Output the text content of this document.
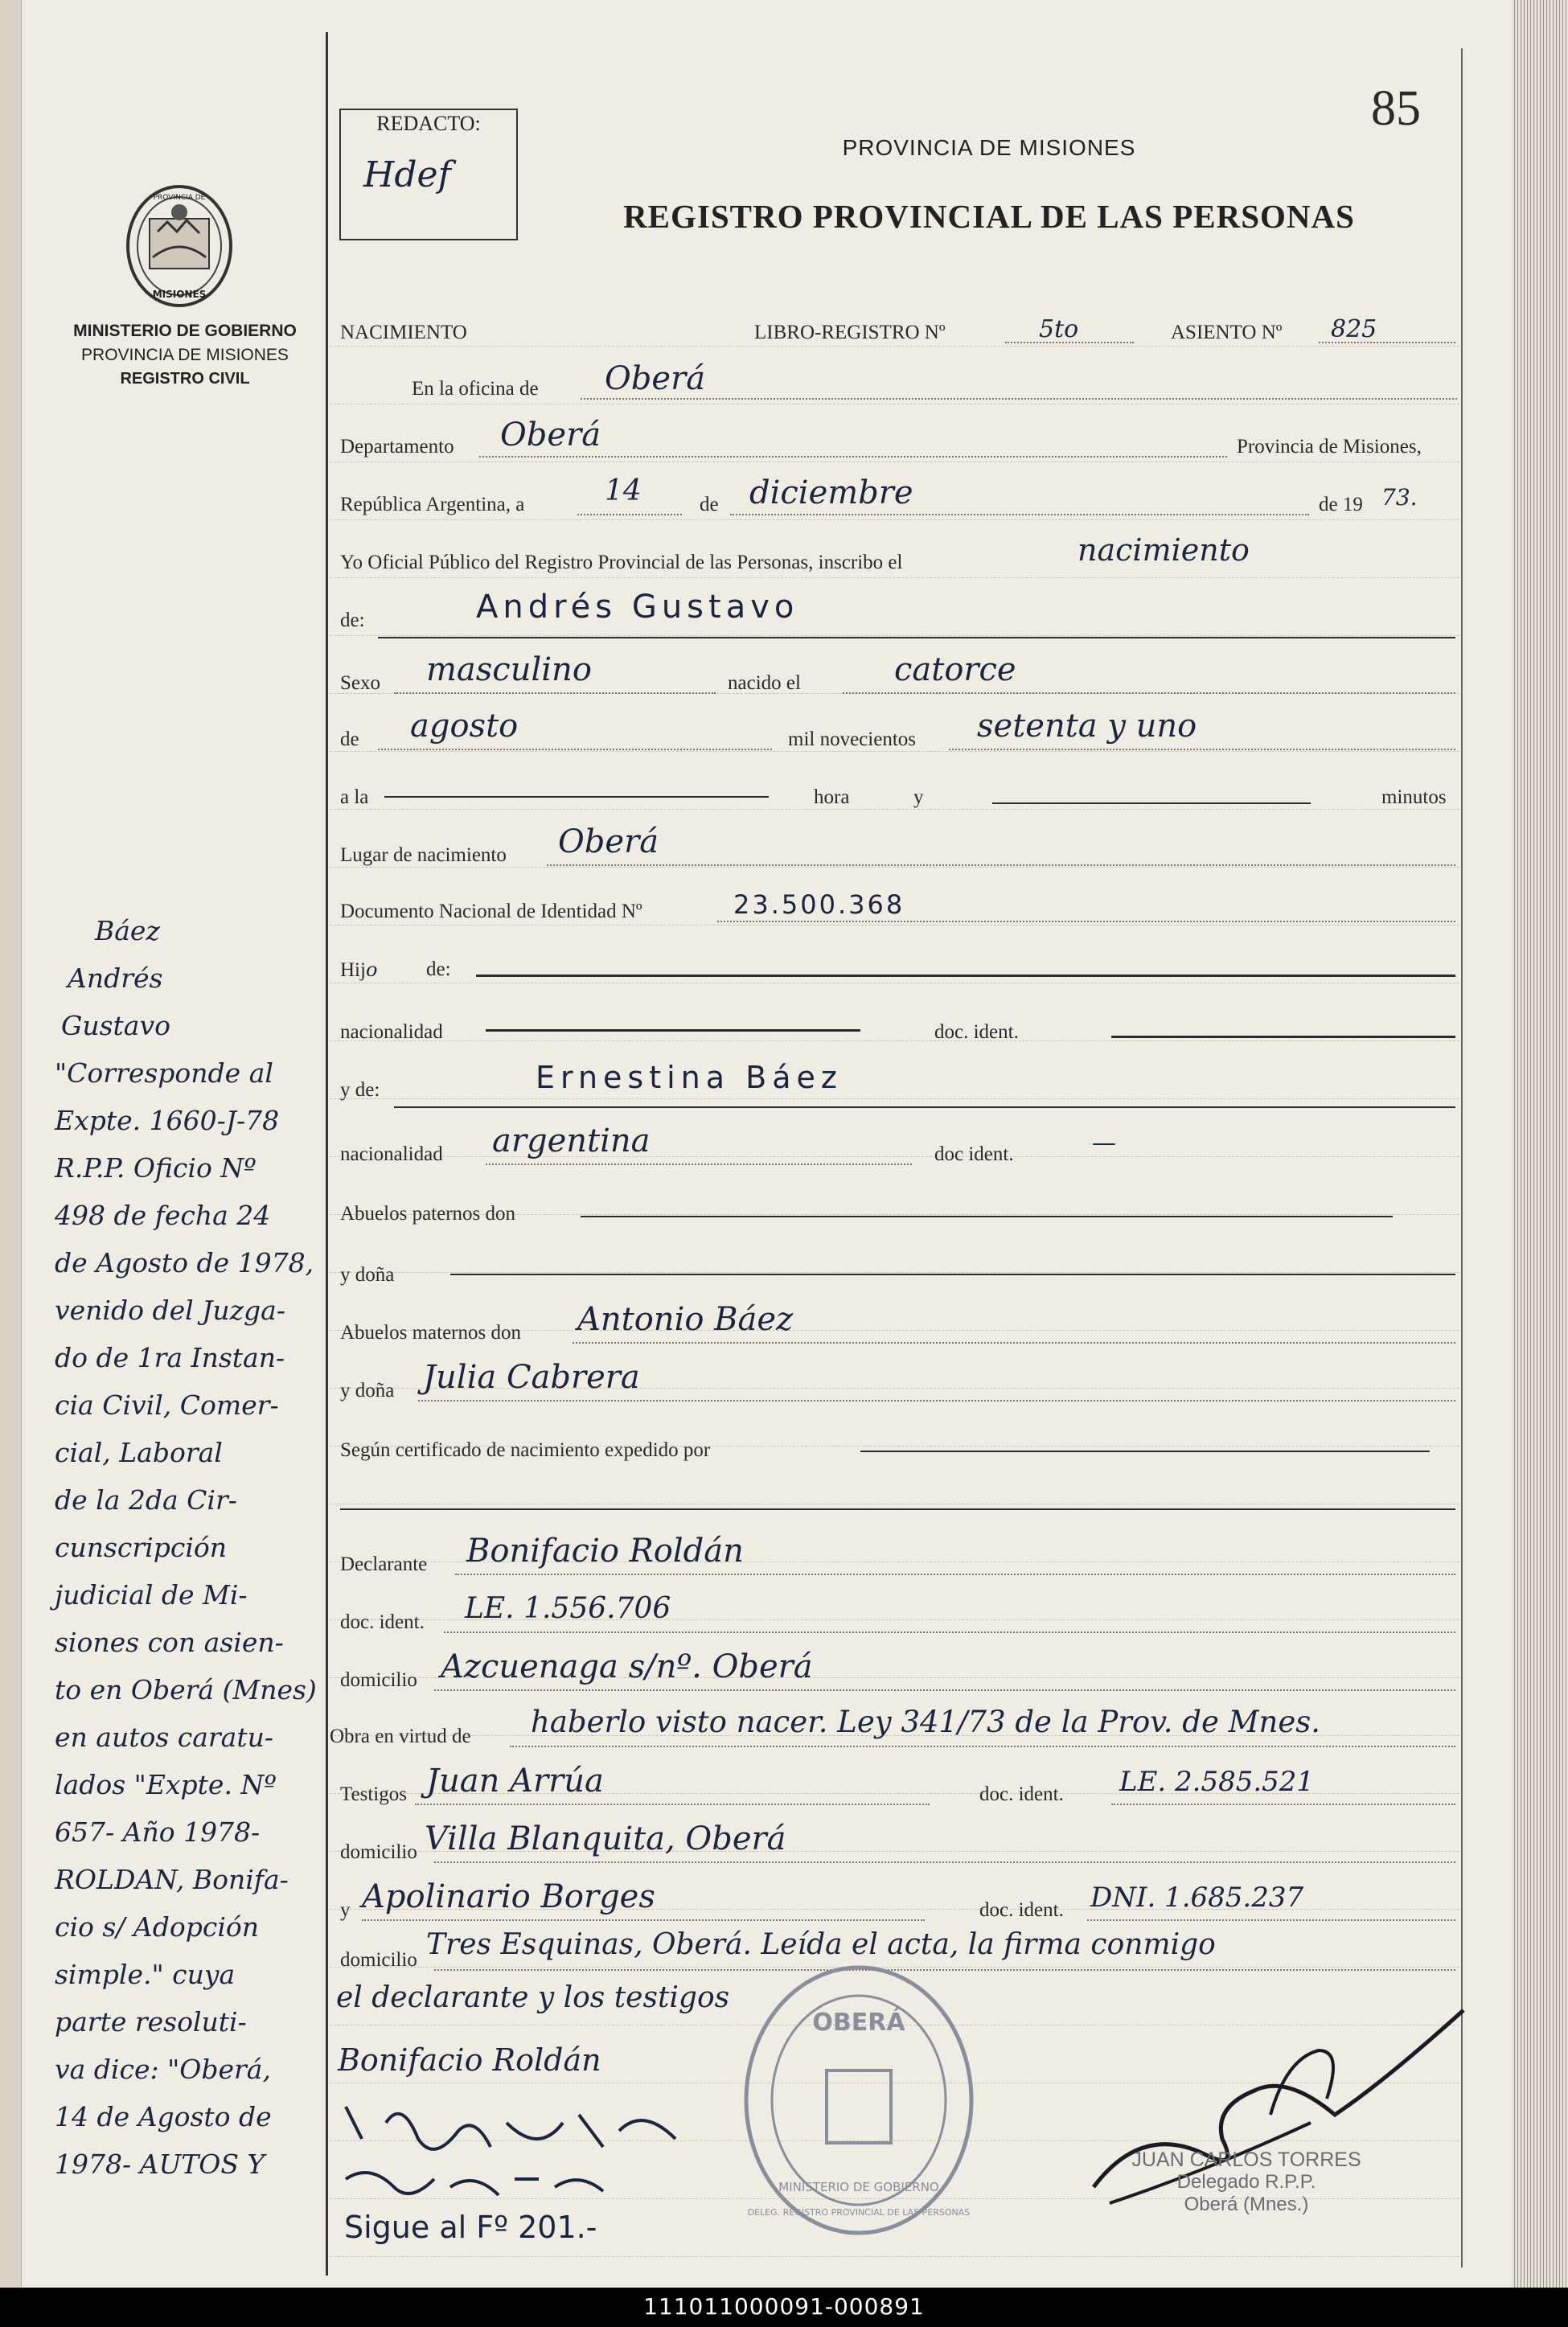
REDACTO:
Hdef
85
PROVINCIA DE MISIONES
REGISTRO PROVINCIAL DE LAS PERSONAS
PROVINCIA DE
MISIONES
MINISTERIO DE GOBIERNO
PROVINCIA DE MISIONES
REGISTRO CIVIL
NACIMIENTO	LIBRO-REGISTRO Nº	5to	ASIENTO Nº 825
En la oficina de Oberá
Departamento Oberá	Provincia de Misiones,
República Argentina, a	14	de diciembre	de 19 73.
Yo Oficial Público del Registro Provincial de las Personas, inscribo el	nacimiento
de:	Andrés Gustavo
Sexo masculino	nacido el	catorce
de agosto	mil novecientos setenta y uno
a la	hora	y	minutos
Lugar de nacimiento Oberá
Documento Nacional de Identidad Nº	23.500.368
Hijo de:
nacionalidad	doc. ident.
y de:	Ernestina Báez
nacionalidad argentina	doc ident.	—
Abuelos paternos don
y doña
Abuelos maternos don Antonio Báez
y doña Julia Cabrera
Según certificado de nacimiento expedido por
Declarante Bonifacio Roldán
doc. ident. LE. 1.556.706
domicilio Azcuenaga s/nº. Oberá
Obra en virtud de haberlo visto nacer. Ley 341/73 de la Prov. de Mnes.
Testigos Juan Arrúa	doc. ident. LE. 2.585.521
domicilio Villa Blanquita, Oberá
y Apolinario Borges	doc. ident. DNI. 1.685.237
domicilio Tres Esquinas, Oberá. Leída el acta, la firma conmigo
el declarante y los testigos
Bonifacio Roldán
Sigue al Fº 201.-
OBERÁ
MINISTERIO DE GOBIERNO
DELEG. REGISTRO PROVINCIAL DE LAS PERSONAS
JUAN CARLOS TORRES
Delegado R.P.P.
Oberá (Mnes.)
Báez
Andrés
Gustavo
"Corresponde al
Expte. 1660-J-78
R.P.P. Oficio Nº
498 de fecha 24
de Agosto de 1978,
venido del Juzga-
do de 1ra Instan-
cia Civil, Comer-
cial, Laboral
de la 2da Cir-
cunscripción
judicial de Mi-
siones con asien-
to en Oberá (Mnes)
en autos caratu-
lados "Expte. Nº
657- Año 1978-
ROLDAN, Bonifa-
cio s/ Adopción
simple." cuya
parte resoluti-
va dice: "Oberá,
14 de Agosto de
1978- AUTOS Y
111011000091-000891
